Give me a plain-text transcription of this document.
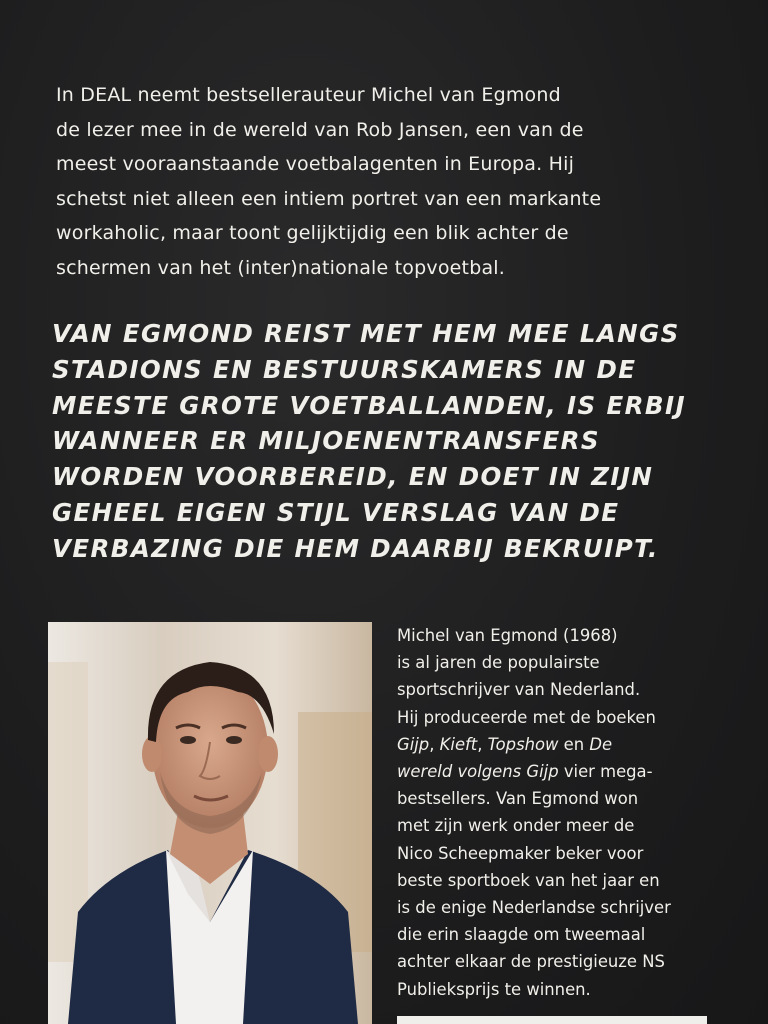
In DEAL neemt bestsellerauteur Michel van Egmond
de lezer mee in de wereld van Rob Jansen, een van de
meest vooraanstaande voetbalagenten in Europa. Hij
schetst niet alleen een intiem portret van een markante
workaholic, maar toont gelijktijdig een blik achter de
schermen van het (inter)nationale topvoetbal.

VAN EGMOND REIST MET HEM MEE LANGS
STADIONS EN BESTUURSKAMERS IN DE
MEESTE GROTE VOETBALLANDEN, IS ERBIJ
WANNEER ER MILJOENENTRANSFERS
WORDEN VOORBEREID, EN DOET IN ZIJN
GEHEEL EIGEN STIJL VERSLAG VAN DE
VERBAZING DIE HEM DAARBIJ BEKRUIPT.

Michel van Egmond (1968)
is al jaren de populairste
sportschrijver van Nederland.
Hij produceerde met de boeken
Gijp, Kieft, Topshow en De
wereld volgens Gijp vier mega-
bestsellers. Van Egmond won
met zijn werk onder meer de
Nico Scheepmaker beker voor
beste sportboek van het jaar en
is de enige Nederlandse schrijver
die erin slaagde om tweemaal
achter elkaar de prestigieuze NS
Publieksprijs te winnen.
